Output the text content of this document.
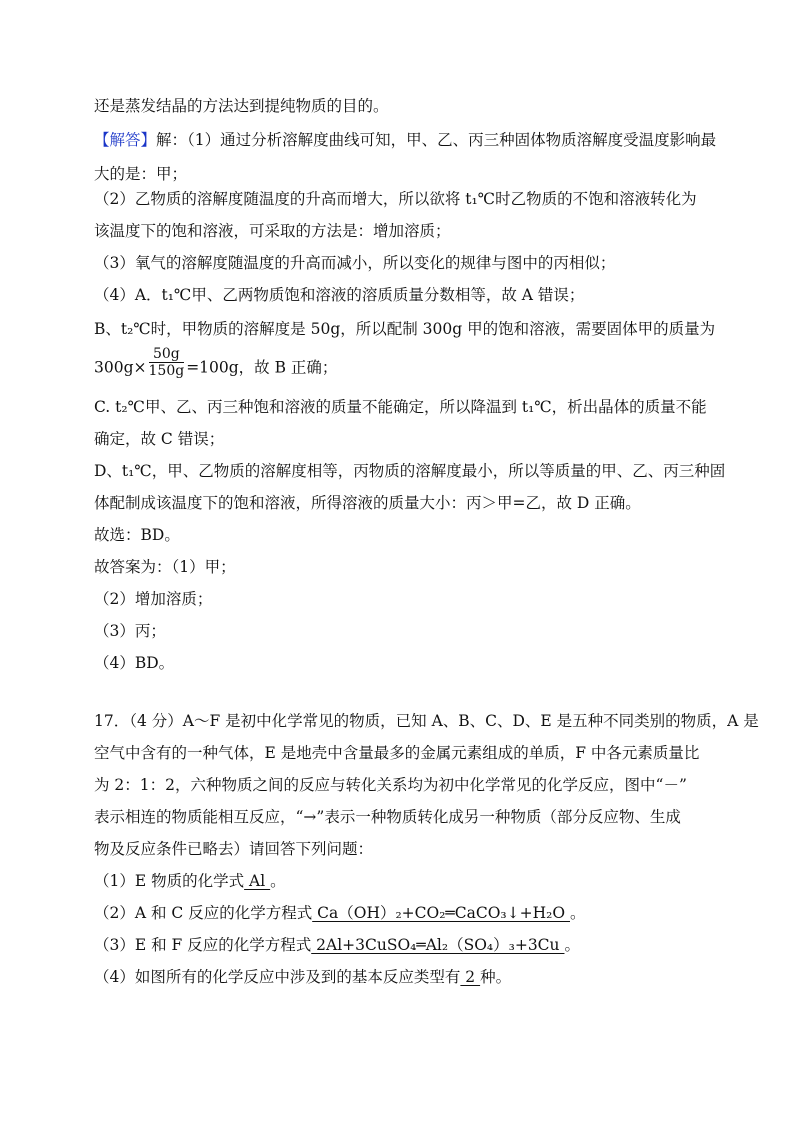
还是蒸发结晶的方法达到提纯物质的目的。
【解答】解：（1）通过分析溶解度曲线可知，甲、乙、丙三种固体物质溶解度受温度影响最
大的是：甲；
（2）乙物质的溶解度随温度的升高而增大，所以欲将 t₁℃时乙物质的不饱和溶液转化为
该温度下的饱和溶液，可采取的方法是：增加溶质；
（3）氧气的溶解度随温度的升高而减小，所以变化的规律与图中的丙相似；
（4）A．t₁℃甲、乙两物质饱和溶液的溶质质量分数相等，故 A 错误；
B、t₂℃时，甲物质的溶解度是 50g，所以配制 300g 甲的饱和溶液，需要固体甲的质量为
$300g\times \frac{50g}{150g} =100g$，故 B 正确；
C. t₂℃甲、乙、丙三种饱和溶液的质量不能确定，所以降温到 t₁℃，析出晶体的质量不能
确定，故 C 错误；
D、t₁℃，甲、乙物质的溶解度相等，丙物质的溶解度最小，所以等质量的甲、乙、丙三种固
体配制成该温度下的饱和溶液，所得溶液的质量大小：丙＞甲=乙，故 D 正确。
故选：BD。
故答案为：（1）甲；
（2）增加溶质；
（3）丙；
（4）BD。
17．（4 分）A～F 是初中化学常见的物质，已知 A、B、C、D、E 是五种不同类别的物质，A 是
空气中含有的一种气体，E 是地壳中含量最多的金属元素组成的单质，F 中各元素质量比
为 2：1：2，六种物质之间的反应与转化关系均为初中化学常见的化学反应，图中“－”
表示相连的物质能相互反应，“→”表示一种物质转化成另一种物质（部分反应物、生成
物及反应条件已略去）请回答下列问题：
（1）E 物质的化学式 Al 。
（2）A 和 C 反应的化学方程式 Ca（OH）₂+CO₂═CaCO₃↓+H₂O 。
（3）E 和 F 反应的化学方程式 2Al+3CuSO₄═Al₂（SO₄）₃+3Cu 。
（4）如图所有的化学反应中涉及到的基本反应类型有 2 种。
